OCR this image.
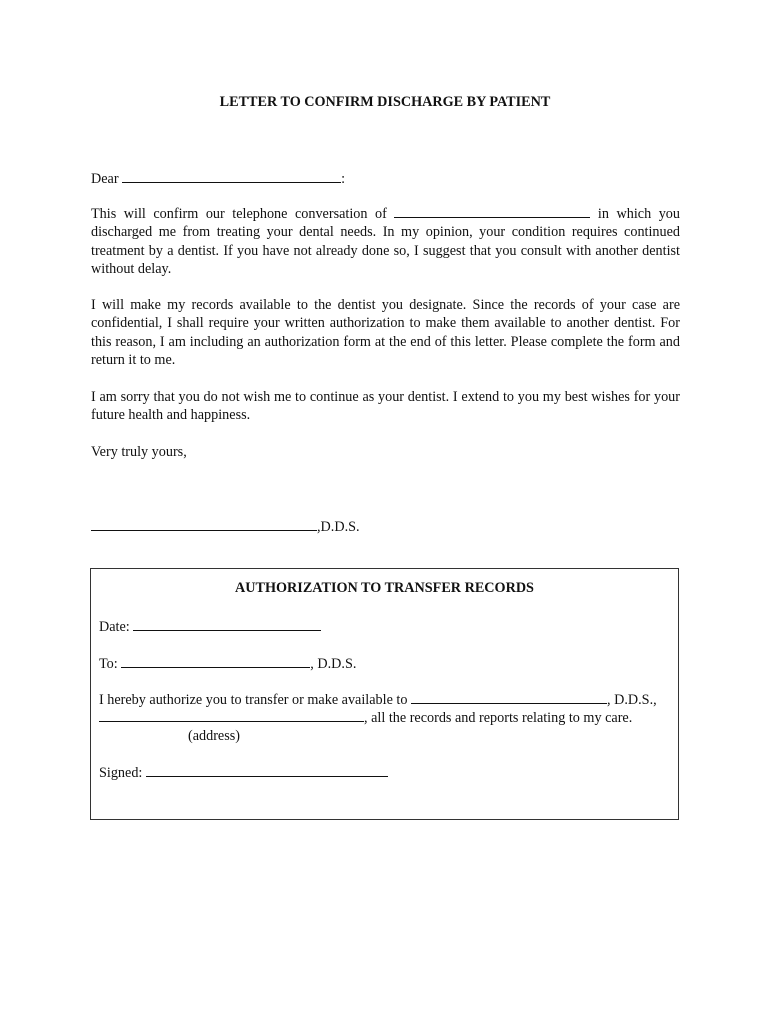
LETTER TO CONFIRM DISCHARGE BY PATIENT

Dear	:

This will confirm our telephone conversation of	in which you discharged me from treating your dental needs. In my opinion, your condition requires continued treatment by a dentist. If you have not already done so, I suggest that you consult with another dentist without delay.

I will make my records available to the dentist you designate. Since the records of your case are confidential, I shall require your written authorization to make them available to another dentist. For this reason, I am including an authorization form at the end of this letter. Please complete the form and return it to me.

I am sorry that you do not wish me to continue as your dentist. I extend to you my best wishes for your future health and happiness.

Very truly yours,

,D.D.S.

AUTHORIZATION TO TRANSFER RECORDS

Date:

To:	, D.D.S.

I hereby authorize you to transfer or make available to	, D.D.S.,

, all the records and reports relating to my care.

(address)

Signed:
